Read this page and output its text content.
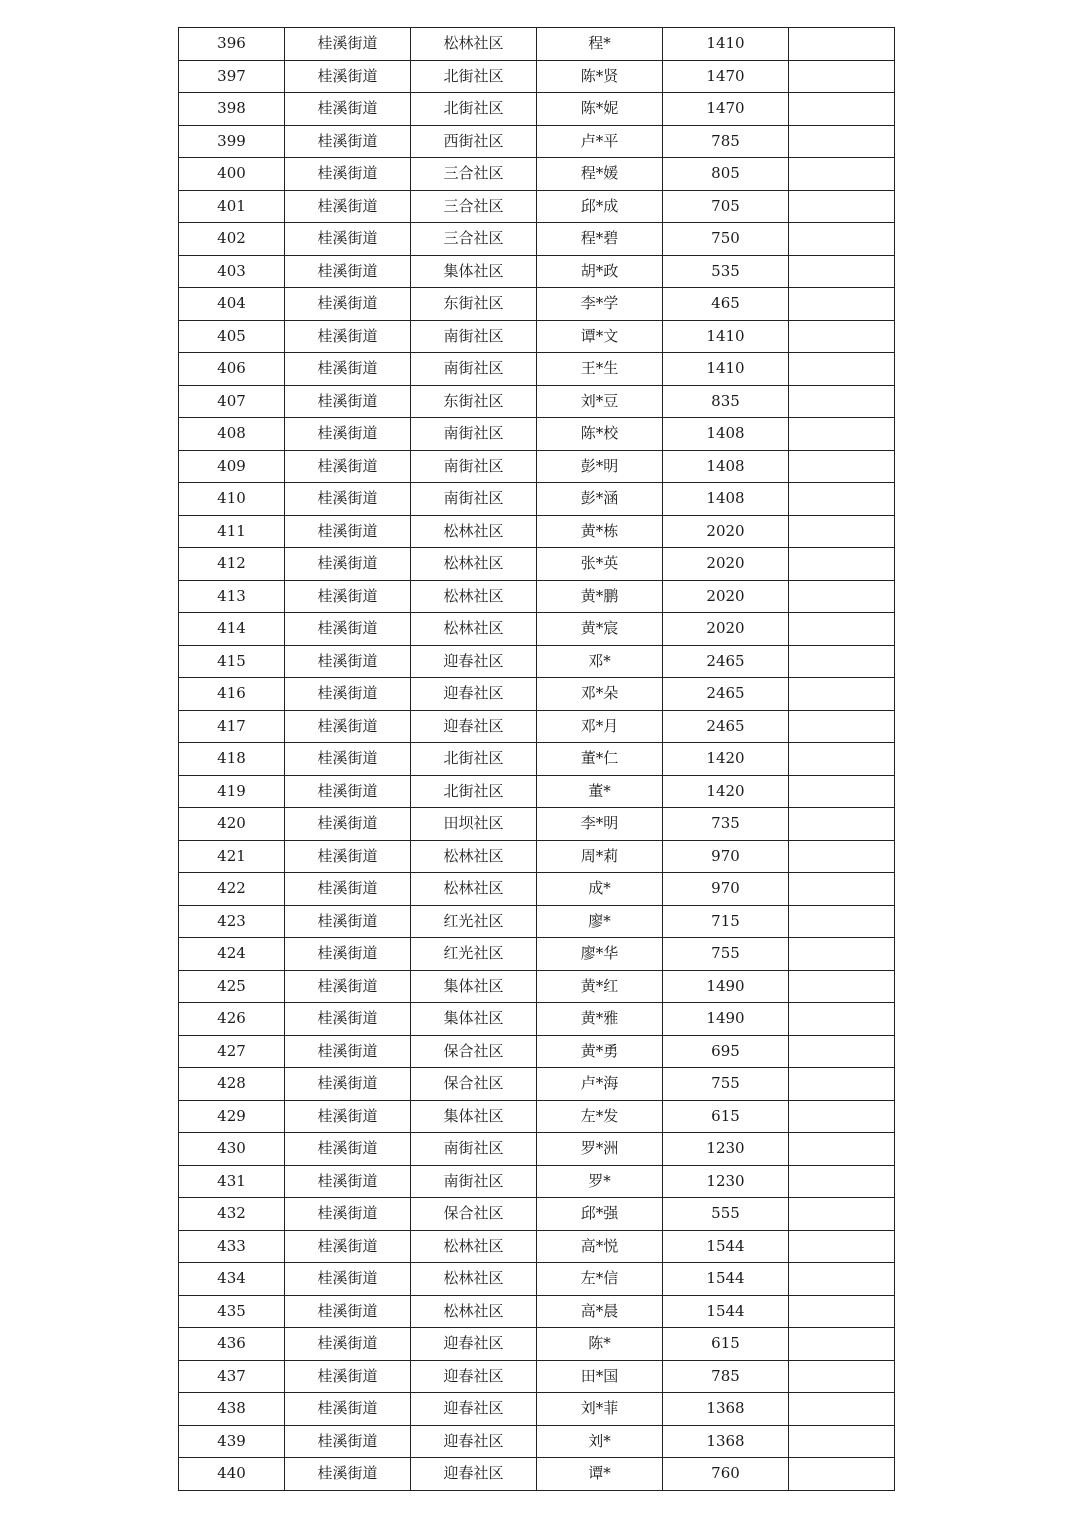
396	桂溪街道	松林社区	程*	1410	
397	桂溪街道	北街社区	陈*贤	1470	
398	桂溪街道	北街社区	陈*妮	1470	
399	桂溪街道	西街社区	卢*平	785	
400	桂溪街道	三合社区	程*媛	805	
401	桂溪街道	三合社区	邱*成	705	
402	桂溪街道	三合社区	程*碧	750	
403	桂溪街道	集体社区	胡*政	535	
404	桂溪街道	东街社区	李*学	465	
405	桂溪街道	南街社区	谭*文	1410	
406	桂溪街道	南街社区	王*生	1410	
407	桂溪街道	东街社区	刘*豆	835	
408	桂溪街道	南街社区	陈*校	1408	
409	桂溪街道	南街社区	彭*明	1408	
410	桂溪街道	南街社区	彭*涵	1408	
411	桂溪街道	松林社区	黄*栋	2020	
412	桂溪街道	松林社区	张*英	2020	
413	桂溪街道	松林社区	黄*鹏	2020	
414	桂溪街道	松林社区	黄*宸	2020	
415	桂溪街道	迎春社区	邓*	2465	
416	桂溪街道	迎春社区	邓*朵	2465	
417	桂溪街道	迎春社区	邓*月	2465	
418	桂溪街道	北街社区	董*仁	1420	
419	桂溪街道	北街社区	董*	1420	
420	桂溪街道	田坝社区	李*明	735	
421	桂溪街道	松林社区	周*莉	970	
422	桂溪街道	松林社区	成*	970	
423	桂溪街道	红光社区	廖*	715	
424	桂溪街道	红光社区	廖*华	755	
425	桂溪街道	集体社区	黄*红	1490	
426	桂溪街道	集体社区	黄*雅	1490	
427	桂溪街道	保合社区	黄*勇	695	
428	桂溪街道	保合社区	卢*海	755	
429	桂溪街道	集体社区	左*发	615	
430	桂溪街道	南街社区	罗*洲	1230	
431	桂溪街道	南街社区	罗*	1230	
432	桂溪街道	保合社区	邱*强	555	
433	桂溪街道	松林社区	高*悦	1544	
434	桂溪街道	松林社区	左*信	1544	
435	桂溪街道	松林社区	高*晨	1544	
436	桂溪街道	迎春社区	陈*	615	
437	桂溪街道	迎春社区	田*国	785	
438	桂溪街道	迎春社区	刘*菲	1368	
439	桂溪街道	迎春社区	刘*	1368	
440	桂溪街道	迎春社区	谭*	760	
